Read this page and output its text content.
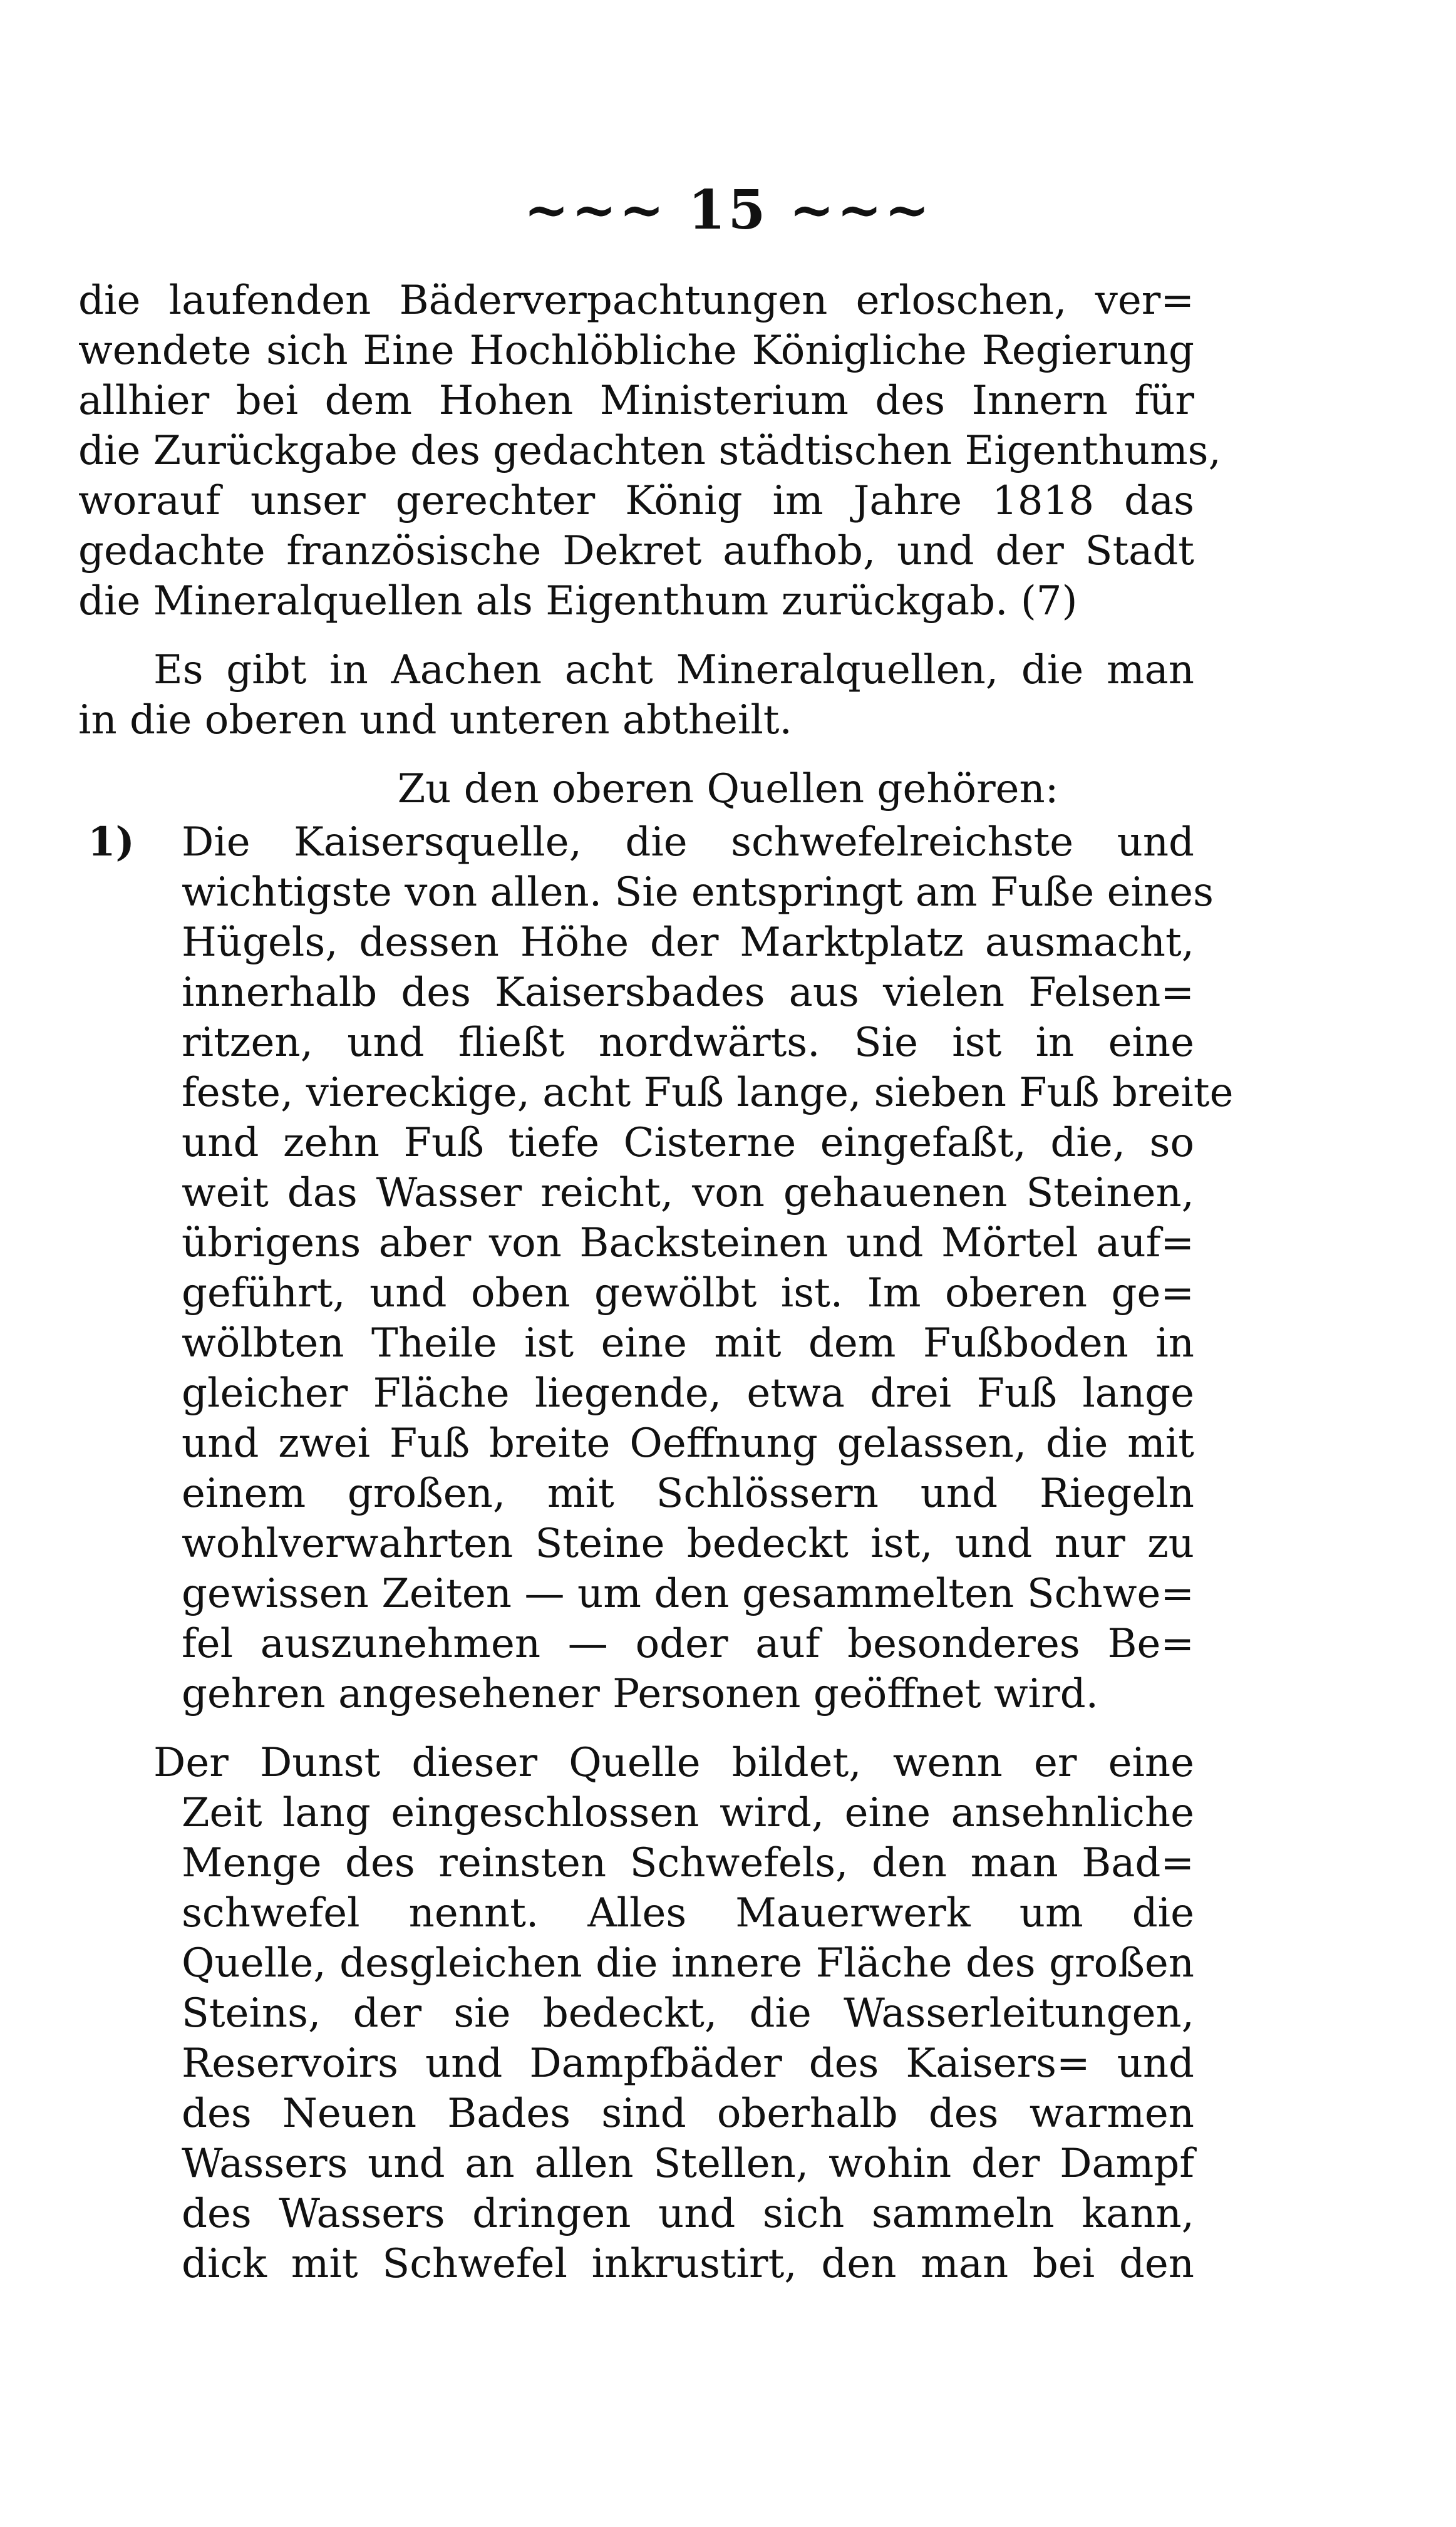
~~~ 15 ~~~
die laufenden Bäderverpachtungen erloschen, ver=
wendete sich Eine Hochlöbliche Königliche Regierung
allhier bei dem Hohen Ministerium des Innern für
die Zurückgabe des gedachten städtischen Eigenthums,
worauf unser gerechter König im Jahre 1818 das
gedachte französische Dekret aufhob, und der Stadt
die Mineralquellen als Eigenthum zurückgab. (7)
Es gibt in Aachen acht Mineralquellen, die man
in die oberen und unteren abtheilt.
Zu den oberen Quellen gehören:
1) Die Kaisersquelle, die schwefelreichste und
wichtigste von allen. Sie entspringt am Fuße eines
Hügels, dessen Höhe der Marktplatz ausmacht,
innerhalb des Kaisersbades aus vielen Felsen=
ritzen, und fließt nordwärts. Sie ist in eine
feste, viereckige, acht Fuß lange, sieben Fuß breite
und zehn Fuß tiefe Cisterne eingefaßt, die, so
weit das Wasser reicht, von gehauenen Steinen,
übrigens aber von Backsteinen und Mörtel auf=
geführt, und oben gewölbt ist. Im oberen ge=
wölbten Theile ist eine mit dem Fußboden in
gleicher Fläche liegende, etwa drei Fuß lange
und zwei Fuß breite Oeffnung gelassen, die mit
einem großen, mit Schlössern und Riegeln
wohlverwahrten Steine bedeckt ist, und nur zu
gewissen Zeiten — um den gesammelten Schwe=
fel auszunehmen — oder auf besonderes Be=
gehren angesehener Personen geöffnet wird.
Der Dunst dieser Quelle bildet, wenn er eine
Zeit lang eingeschlossen wird, eine ansehnliche
Menge des reinsten Schwefels, den man Bad=
schwefel nennt. Alles Mauerwerk um die
Quelle, desgleichen die innere Fläche des großen
Steins, der sie bedeckt, die Wasserleitungen,
Reservoirs und Dampfbäder des Kaisers= und
des Neuen Bades sind oberhalb des warmen
Wassers und an allen Stellen, wohin der Dampf
des Wassers dringen und sich sammeln kann,
dick mit Schwefel inkrustirt, den man bei den
